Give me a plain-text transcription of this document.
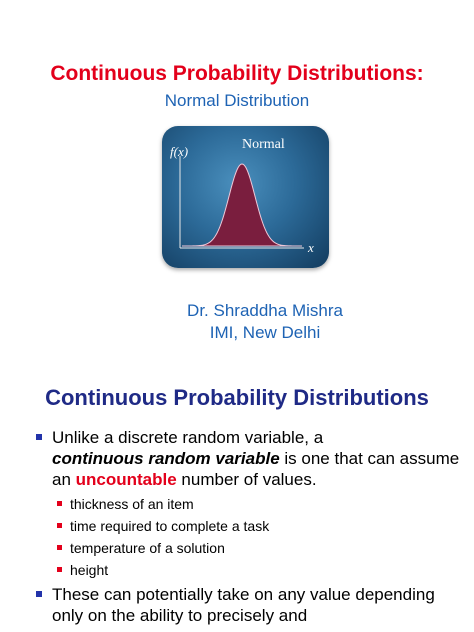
Continuous Probability Distributions:
Normal Distribution
Normal
f(x)
x
Dr. Shraddha Mishra
IMI, New Delhi
Continuous Probability Distributions
Unlike a discrete random variable, a
continuous random variable is one that can assume an uncountable number of values.
thickness of an item
time required to complete a task
temperature of a solution
height
These can potentially take on any value depending only on the ability to precisely and
